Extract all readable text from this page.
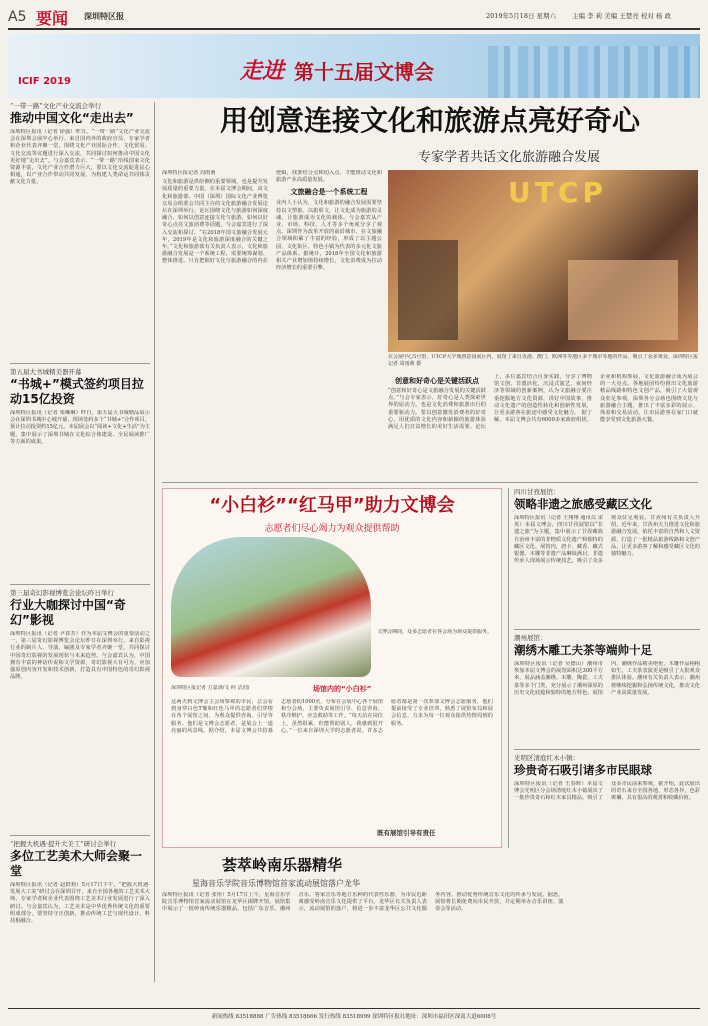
A5 要闻 深圳特区报	2019年5月18日 星期六 主编 李 莉 美编 王楚亮 校对 杨 政
ICIF 2019	走进 第十五届文博会
“一带一路”文化产业交流会举行
推动中国文化“走出去”
深圳特区报讯（记者 徐强）昨日，“一带一路”文化产业交流会在深圳会展中心举行。来自国内外的政府官员、专家学者和企业代表齐聚一堂，围绕文化产业国际合作、文化贸易、文化交流等议题进行深入交流，共同探讨如何推动中国文化更好地“走出去”。与会嘉宾表示，“一带一路”沿线国家文化资源丰富，文化产业合作潜力巨大，要以文化交流促进民心相通，以产业合作带动共同发展，为构建人类命运共同体贡献文化力量。
第五届大书城精美器开幕
“书城+”模式签约项目拉动15亿投资
深圳特区报讯（记者 梁琳琳）昨日，第五届大书城精品展示会在深圳书城中心城开幕，现场签约多个“书城+”合作项目，预计拉动投资约15亿元。本届展会以“阅读+文化+生活”为主题，集中展示了深圳书城在文化综合体建设、全民阅读推广等方面的成果。
第三届奇幻影视博览会论坛昨日举行
行业大咖探讨中国“奇幻”影视
深圳特区报讯（记者 尹春芳）作为本届文博会的重要活动之一，第三届奇幻影视博览会论坛昨日在深圳举行。来自影视行业的制片人、导演、编剧及专家学者齐聚一堂，共同探讨中国奇幻影视的发展现状与未来趋势。与会嘉宾认为，中国拥有丰富的神话传说和文学资源，奇幻影视大有可为，应加强原创内容开发和技术创新，打造具有中国特色的奇幻影视品牌。
“把握大机遇·提升大美工”研讨会举行
多位工艺美术大师会聚一堂
深圳特区报讯（记者 赵群莉）5月17日下午，“把握大机遇·发展大工美”研讨会在深圳召开，来自全国各地的工艺美术大师、专家学者和企业代表围绕工艺美术行业发展进行了深入研讨。与会嘉宾认为，工艺美术是中华优秀传统文化的重要组成部分，要坚持守正创新，推动传统工艺与现代设计、科技相融合。
用创意连接文化和旅游点亮好奇心
专家学者共话文化旅游融合发展
深圳特区报记者 周雨萌
文化和旅游是供给侧的重要领域，也是提升发展质量的重要力量。在本届文博会期间，由文化和旅游部、中国（深圳）国际文化产业博览交易会组委会共同主办的文化旅游融合发展论坛在深圳举行。论坛围绕文化与旅游如何深度融合，如何以创意连接文化与旅游，如何以好奇心点亮文旅消费等话题，与会嘉宾进行了深入交流和探讨。“在2018年国文旅融合发展元年，2019年是文化和旅游深度融合的关键之年。”文化和旅游部有关负责人表示，文化和旅游融合发展是一个系统工程，需要统筹谋划、整体推进。只有把握好文化与旅游融合的内在逻辑，找准结合点和切入点，才能推动文化和旅游产业高质量发展。
文旅融合是一个系统工程
业内人士认为，文化和旅游的融合发展需要坚持以文塑旅、以旅彰文，让文化成为旅游的灵魂，让旅游成为文化的载体。与会嘉宾从产业、市场、科技、人才等多个角度分享了观点。深圳作为改革开放的前沿城市，在文旅融合领域积累了丰富的经验，形成了以主题公园、文化街区、特色小镇为代表的多元化文旅产品体系。据统计，2018年全国文化和旅游相关产业增加值持续增长，文化消费成为拉动经济增长的重要引擎。
UTCP
在会展中心5号馆，UTCP大学城创意园展区内，展馆了来自香港、澳门、欧洲等等地区多个城市等地的作品，吸引了众多观众。深圳特区报记者 周雨萌 摄
创意和好奇心是关键活跃点
“创意和好奇心是文旅融合发展的关键活跃点。”与会专家表示，好奇心是人类探索世界的原动力，也是文化消费和旅游出行的重要驱动力。要以创意激发消费者的好奇心，用优质的文化内容和新颖的旅游体验满足人们日益增长的美好生活需要。论坛上，多位嘉宾结合自身实践，分享了博物馆文创、非遗活化、沉浸式演艺、夜间经济等领域的创新案例，认为文旅融合要注重挖掘地方文化资源，讲好中国故事，推动文化遗产的创造性转化和创新性发展，让更多游客在旅途中感受文化魅力。 据了解，本届文博会共有6000多家政府组团、企业和机构参展，文化旅游融合成为展会的一大亮点。各地展团纷纷推出文化旅游精品线路和特色文创产品，吸引了大量观众驻足参观。深圳各分会场也围绕文化与旅游融合主题，推出了丰富多彩的展示、体验和交易活动，让市民游客在家门口就能享受到文化旅游大餐。
“小白衫”“红马甲”助力文博会
志愿者们尽心竭力为观众提供帮助
文博会期间，众多志愿者在各会场为观众提供服务。
深圳特区报记者 方嘉浏/文 何 洁/图	场馆内的“小白衫”
这两天到文博会主会场参观的市民，总会看到身穿白色T恤和红色马甲的志愿者们穿梭在各个展馆之间，为观众提供咨询、引导等服务。他们是文博会志愿者，是展会上一道亮丽的风景线。据介绍，本届文博会共招募志愿者约1000名，分布在会展中心各个展馆和分会场，主要负责展馆引导、信息咨询、秩序维护、应急救助等工作。“每天站在岗位上，虽然很累，但能帮助别人，我感到很开心。”一位来自深圳大学的志愿者说。许多志愿者都是第一次参加文博会志愿服务，他们提前接受了专业培训，熟悉了展馆布局和展会信息，力求为每一位观众提供热情周到的服务。
既有展馆引导有责任
四川甘孜展馆：
领略非遗之旅感受藏区文化
深圳特区报讯（记者 王翔翔 通讯员 宋英）本届文博会，四川甘孜展馆以“非遗之旅”为主题，集中展示了甘孜藏族自治州丰富的非物质文化遗产和独特的藏区文化。展馆内，唐卡、藏香、藏式银器、木雕等非遗产品琳琅满目，非遗传承人现场展示传统技艺，吸引了众多观众驻足观看。甘孜州有关负责人介绍，近年来，甘孜州大力推进文化和旅游融合发展，依托丰富的自然和人文资源，打造了一批精品旅游线路和文创产品，让更多游客了解和感受藏区文化的独特魅力。
潮州展馆：
潮绣木雕工夫茶等端帅十足
深圳特区报讯（记者 吴德山）潮州市参加本届文博会的展馆面积达300平方米，展品涵盖潮绣、木雕、陶瓷、工夫茶等多个门类，充分展示了潮州深厚的历史文化底蕴和独特的地方特色。展馆内，潮绣作品精美绝伦，木雕作品栩栩如生，工夫茶表演更是吸引了大批观众排队体验。潮州有关负责人表示，潮州将继续挖掘和弘扬传统文化，推动文化产业高质量发展。
光明区清庭红木小镇：
珍贵奇石吸引诸多市民眼球
深圳特区报讯（记者 王春晖）本届文博会光明区分会场清庭红木小镇展出了一批珍贵奇石和红木家具精品，吸引了众多市民前来参观。据介绍，此次展出的奇石来自全国各地，形态各异，色彩斑斓，具有很高的观赏和收藏价值。
荟萃岭南乐器精华
星海音乐学院音乐博物馆首家流动展馆落户龙华
深圳特区报讯（记者 张彤）5月17日上午，星海音乐学院音乐博物馆首家流动展馆在龙华区揭牌开馆。展馆集中展示了一批岭南传统乐器精品，包括广东音乐、潮州音乐、客家音乐等地方乐种的代表性乐器，为市民近距离感受岭南音乐文化提供了平台。龙华区有关负责人表示，流动展馆的落户，将进一步丰富龙华区公共文化服务内容，推动优秀传统音乐文化的传承与发展。据悉，展馆将长期免费向市民开放，并定期举办音乐讲座、演奏会等活动。
新闻热线 83518888 广告热线 83518666 发行热线 83518999 深圳特区报社地址：深圳市福田区深南大道6008号
